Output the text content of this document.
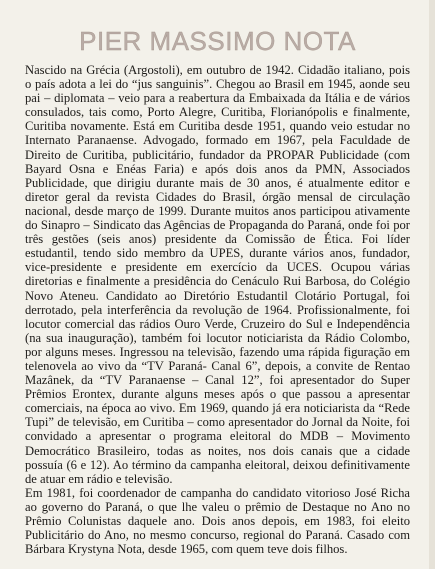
PIER MASSIMO NOTA

Nascido na Grécia (Argostoli), em outubro de 1942. Cidadão italiano, pois o país adota a lei do “jus sanguinis”. Chegou ao Brasil em 1945, aonde seu pai – diplomata – veio para a reabertura da Embaixada da Itália e de vários consulados, tais como, Porto Alegre, Curitiba, Florianópolis e finalmente, Curitiba novamente. Está em Curitiba desde 1951, quando veio estudar no Internato Paranaense. Advogado, formado em 1967, pela Faculdade de Direito de Curitiba, publicitário, fundador da PROPAR Publicidade (com Bayard Osna e Enéas Faria) e após dois anos da PMN, Associados Publicidade, que dirigiu durante mais de 30 anos, é atualmente editor e diretor geral da revista Cidades do Brasil, órgão mensal de circulação nacional, desde março de 1999. Durante muitos anos participou ativamente do Sinapro – Sindicato das Agências de Propaganda do Paraná, onde foi por três gestões (seis anos) presidente da Comissão de Ética. Foi líder estudantil, tendo sido membro da UPES, durante vários anos, fundador, vice-presidente e presidente em exercício da UCES. Ocupou várias diretorias e finalmente a presidência do Cenáculo Rui Barbosa, do Colégio Novo Ateneu. Candidato ao Diretório Estudantil Clotário Portugal, foi derrotado, pela interferência da revolução de 1964. Profissionalmente, foi locutor comercial das rádios Ouro Verde, Cruzeiro do Sul e Independência (na sua inauguração), também foi locutor noticiarista da Rádio Colombo, por alguns meses. Ingressou na televisão, fazendo uma rápida figuração em telenovela ao vivo da “TV Paraná- Canal 6”, depois, a convite de Rentao Mazânek, da “TV Paranaense – Canal 12”, foi apresentador do Super Prêmios Erontex, durante alguns meses após o que passou a apresentar comerciais, na época ao vivo. Em 1969, quando já era noticiarista da “Rede Tupi” de televisão, em Curitiba – como apresentador do Jornal da Noite, foi convidado a apresentar o programa eleitoral do MDB – Movimento Democrático Brasileiro, todas as noites, nos dois canais que a cidade possuía (6 e 12). Ao término da campanha eleitoral, deixou definitivamente de atuar em rádio e televisão.

Em 1981, foi coordenador de campanha do candidato vitorioso José Richa ao governo do Paraná, o que lhe valeu o prêmio de Destaque no Ano no Prêmio Colunistas daquele ano. Dois anos depois, em 1983, foi eleito Publicitário do Ano, no mesmo concurso, regional do Paraná. Casado com Bárbara Krystyna Nota, desde 1965, com quem teve dois filhos.
